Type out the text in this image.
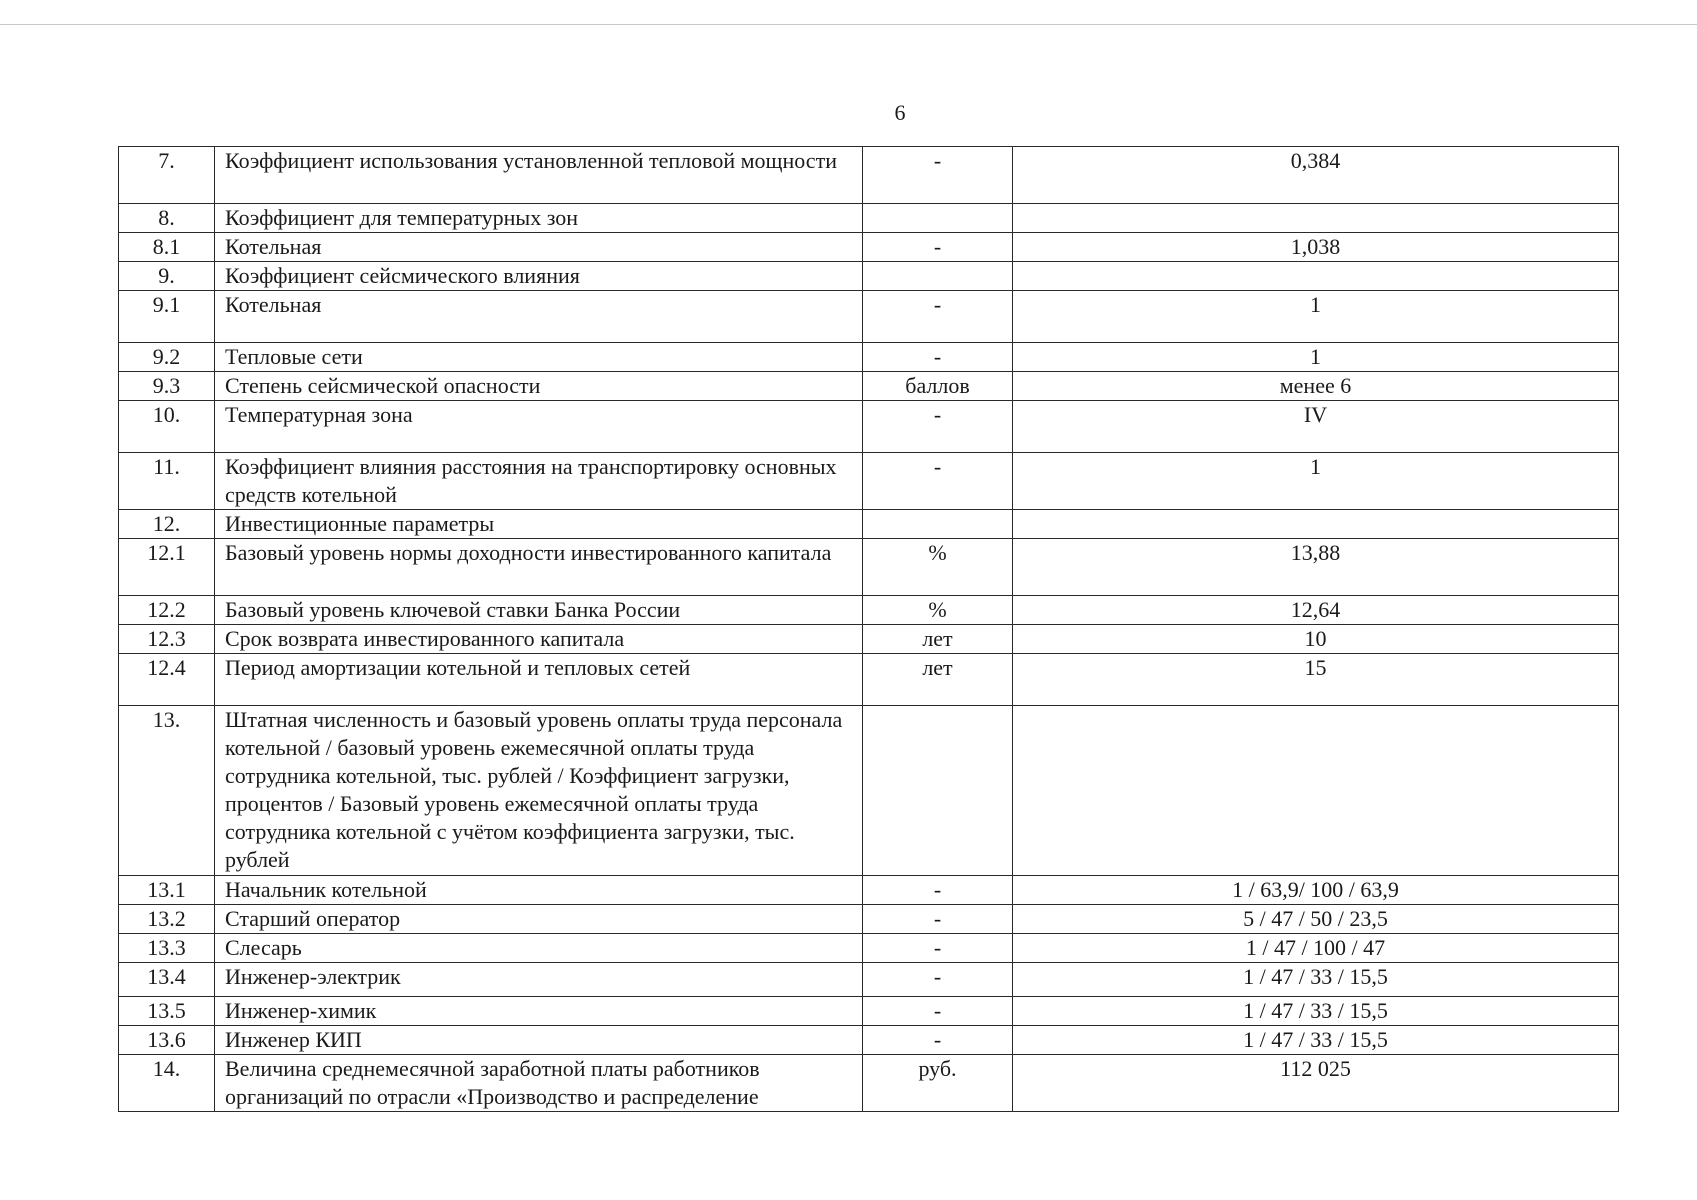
6
7.	Коэффициент использования установленной тепловой мощности	-	0,384
8.	Коэффициент для температурных зон		
8.1	Котельная	-	1,038
9.	Коэффициент сейсмического влияния		
9.1	Котельная	-	1
9.2	Тепловые сети	-	1
9.3	Степень сейсмической опасности	баллов	менее 6
10.	Температурная зона	-	IV
11.	Коэффициент влияния расстояния на транспортировку основных средств котельной	-	1
12.	Инвестиционные параметры		
12.1	Базовый уровень нормы доходности инвестированного капитала	%	13,88
12.2	Базовый уровень ключевой ставки Банка России	%	12,64
12.3	Срок возврата инвестированного капитала	лет	10
12.4	Период амортизации котельной и тепловых сетей	лет	15
13.	Штатная численность и базовый уровень оплаты труда персонала котельной / базовый уровень ежемесячной оплаты труда сотрудника котельной, тыс. рублей / Коэффициент загрузки, процентов / Базовый уровень ежемесячной оплаты труда сотрудника котельной с учётом коэффициента загрузки, тыс. рублей		
13.1	Начальник котельной	-	1 / 63,9/ 100 / 63,9
13.2	Старший оператор	-	5 / 47 / 50 / 23,5
13.3	Слесарь	-	1 / 47 / 100 / 47
13.4	Инженер-электрик	-	1 / 47 / 33 / 15,5
13.5	Инженер-химик	-	1 / 47 / 33 / 15,5
13.6	Инженер КИП	-	1 / 47 / 33 / 15,5
14.	Величина среднемесячной заработной платы работников организаций по отрасли «Производство и распределение	руб.	112 025
